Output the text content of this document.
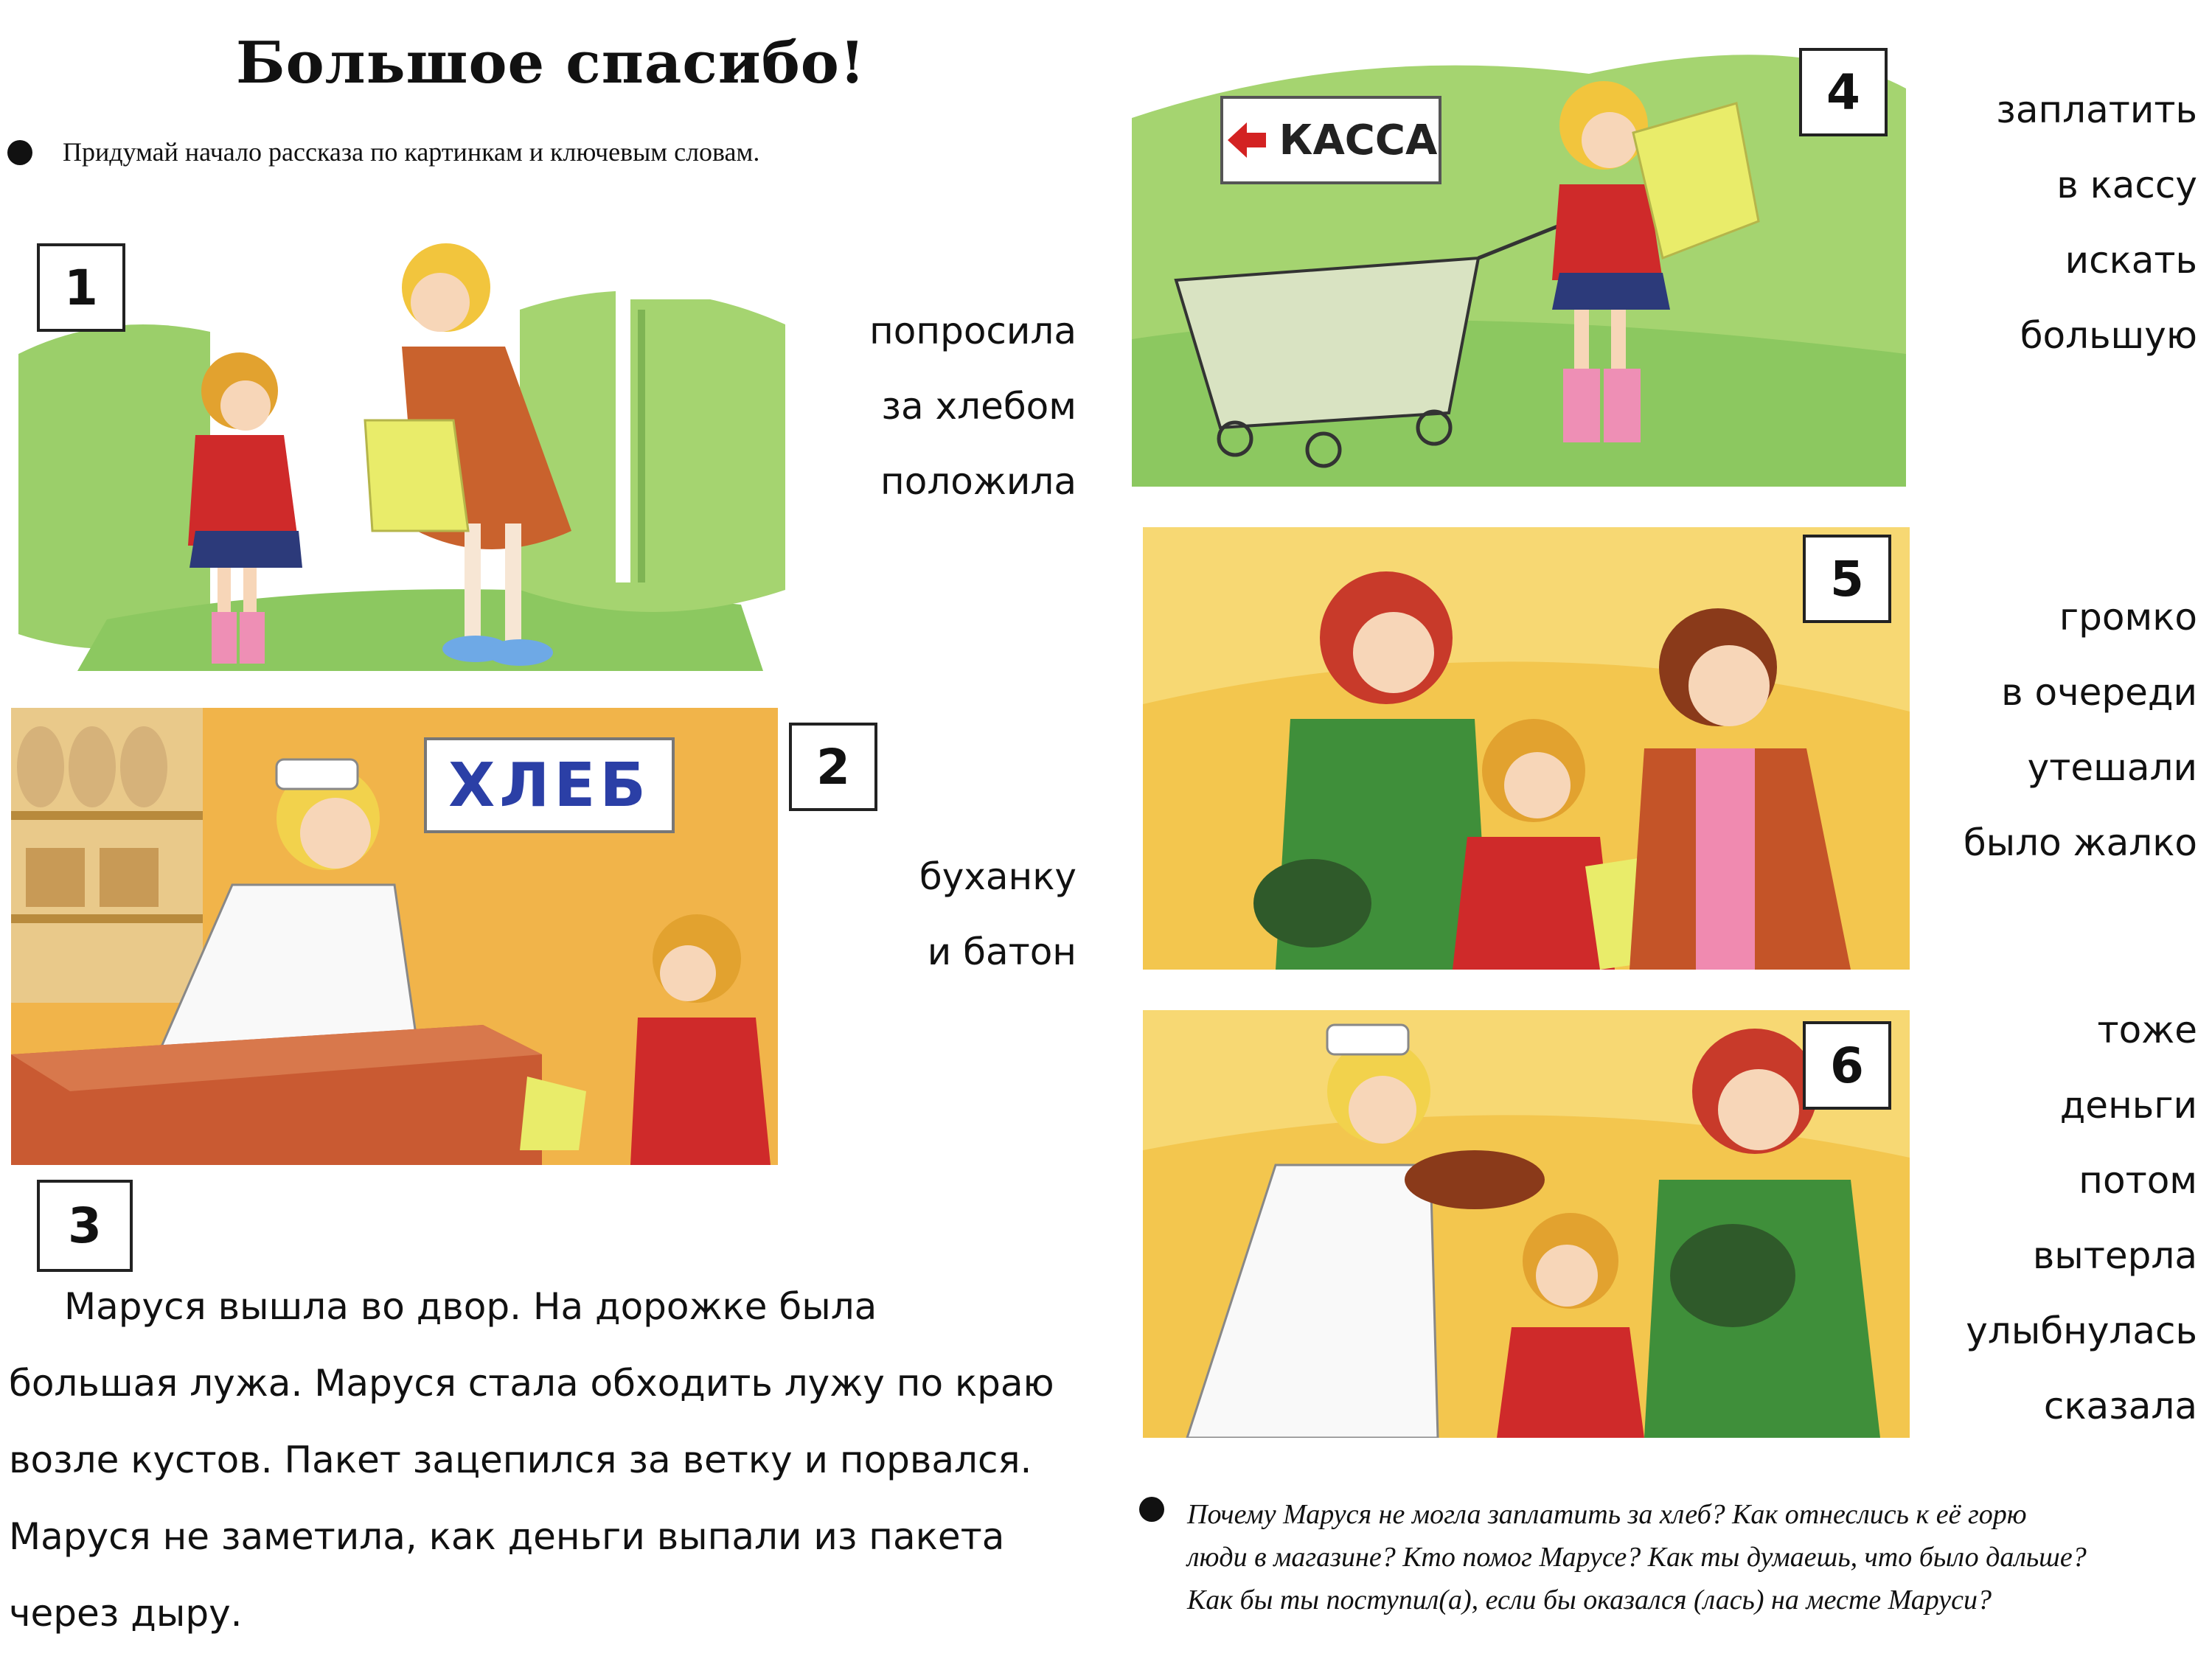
Большое спасибо!
Придумай начало рассказа по картинкам и ключевым словам.
1
попросила
за хлебом
положила
ХЛЕБ	2
буханку
и батон
3

Маруся вышла во двор. На дорожке была

большая лужа. Маруся стала обходить лужу по краю

возле кустов. Пакет зацепился за ветку и порвался.

Маруся не заметила, как деньги выпали из пакета

через дыру.

КАССА
4	заплатить
в кассу
искать
большую
5
громко
в очереди
утешали
было жалко
6
тоже
деньги
потом
вытерла
улыбнулась
сказала
Почему Маруся не могла заплатить за хлеб? Как отнеслись к её горю
люди в магазине? Кто помог Марусе? Как ты думаешь, что было дальше?
Как бы ты поступил(а), если бы оказался (лась) на месте Маруси?
